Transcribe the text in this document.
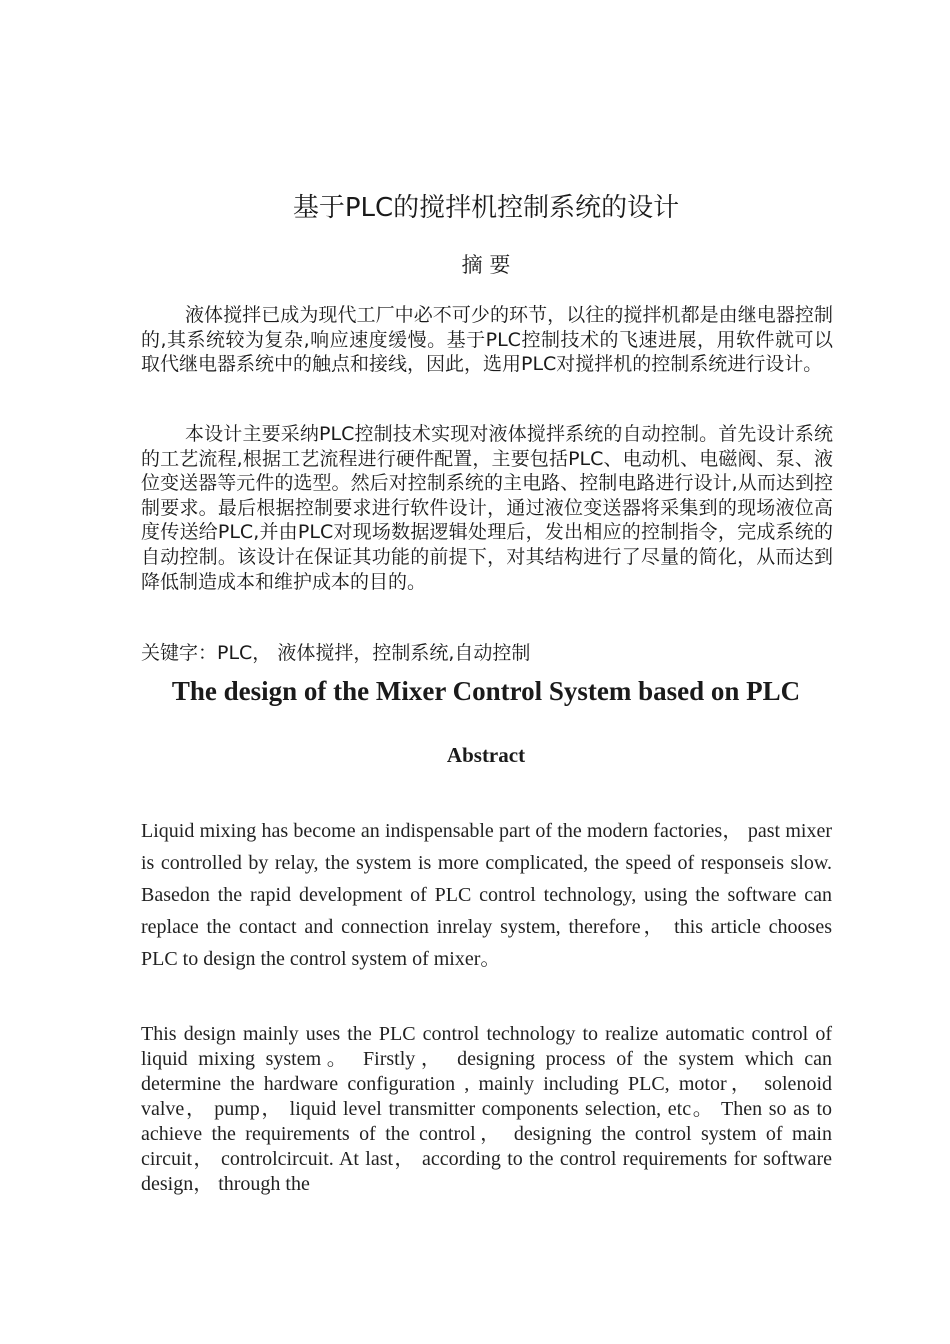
基于PLC的搅拌机控制系统的设计
摘 要

液体搅拌已成为现代工厂中必不可少的环节，以往的搅拌机都是由继电器控制的,其系统较为复杂,响应速度缓慢。基于PLC控制技术的飞速进展，用软件就可以取代继电器系统中的触点和接线，因此，选用PLC对搅拌机的控制系统进行设计。

本设计主要采纳PLC控制技术实现对液体搅拌系统的自动控制。首先设计系统的工艺流程,根据工艺流程进行硬件配置，主要包括PLC、电动机、电磁阀、泵、液位变送器等元件的选型。然后对控制系统的主电路、控制电路进行设计,从而达到控制要求。最后根据控制要求进行软件设计，通过液位变送器将采集到的现场液位高度传送给PLC,并由PLC对现场数据逻辑处理后，发出相应的控制指令，完成系统的自动控制。该设计在保证其功能的前提下，对其结构进行了尽量的简化，从而达到降低制造成本和维护成本的目的。

关键字：PLC， 液体搅拌，控制系统,自动控制
The design of the Mixer Control System based on PLC
Abstract

Liquid mixing has become an indispensable part of the modern factories， past mixer is controlled by relay, the system is more complicated, the speed of responseis slow. Basedon the rapid development of PLC control technology, using the software can replace the contact and connection inrelay system, therefore， this article chooses PLC to design the control system of mixer。

This design mainly uses the PLC control technology to realize automatic control of liquid mixing system。 Firstly， designing process of the system which can determine the hardware configuration , mainly including PLC, motor， solenoid valve， pump， liquid level transmitter components selection, etc。 Then so as to achieve the requirements of the control， designing the control system of main circuit， controlcircuit. At last， according to the control requirements for software design， through the
